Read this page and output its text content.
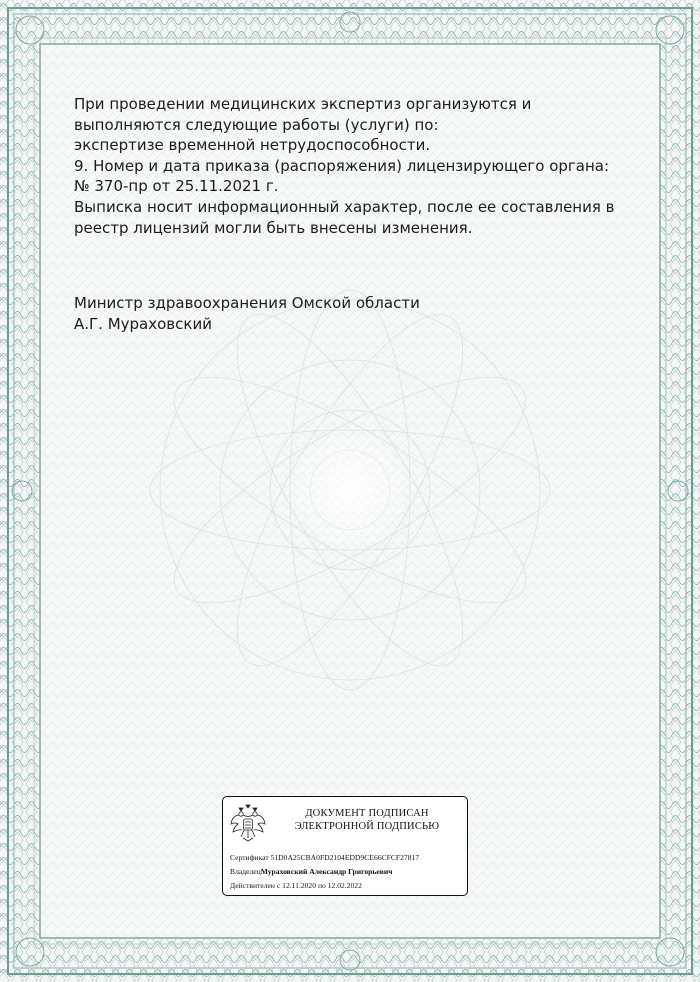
При проведении медицинских экспертиз организуются и

выполняются следующие работы (услуги) по:

экспертизе временной нетрудоспособности.

9. Номер и дата приказа (распоряжения) лицензирующего органа:

№ 370-пр от 25.11.2021 г.

Выписка носит информационный характер, после ее составления в

реестр лицензий могли быть внесены изменения.

Министр здравоохранения Омской области

А.Г. Мураховский

ДОКУМЕНТ ПОДПИСАН
ЭЛЕКТРОННОЙ ПОДПИСЬЮ
Сертификат 51D0A25CBA0FD2104EDD9CE66CFCF27817
ВладелецМураховский Александр Григорьевич
Действителен с 12.11.2020 по 12.02.2022
